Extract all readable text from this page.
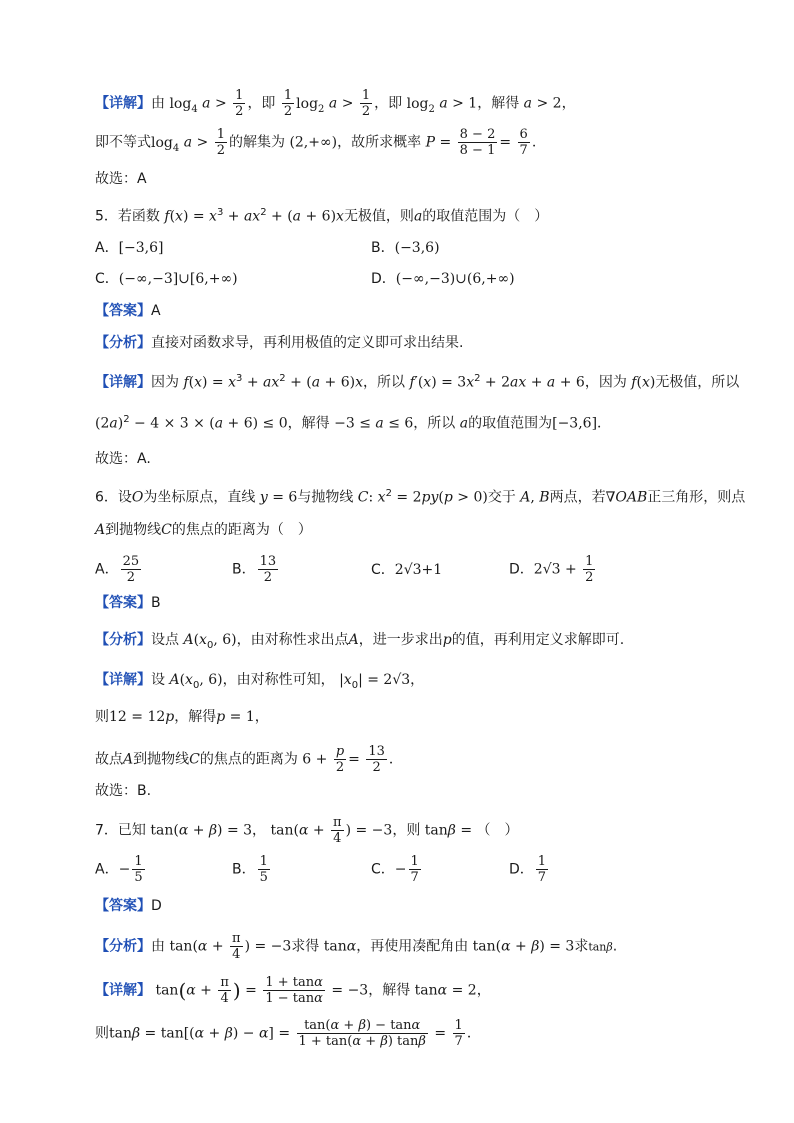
【详解】由 $\log_4 a > \frac{1}{2}$ ，即 $\frac{1}{2} \log_2 a > \frac{1}{2}$ ，即 $\log_2 a > 1$，解得 a > 2，
即不等式$\log_4 a > \frac{1}{2}$ 的解集为 (2,+∞)，故所求概率 $P = \frac{8 - 2}{8 - 1} = \frac{6}{7}$ .
故选：A
5．若函数 $f(x) = x^3 + ax^2 + (a + 6)x$无极值，则a的取值范围为（　）
A．[−3,6]	B．(−3,6)
C．(−∞,−3]∪[6,+∞)	D．(−∞,−3)∪(6,+∞)
【答案】A
【分析】直接对函数求导，再利用极值的定义即可求出结果.
【详解】因为 $f(x) = x^3 + ax^2 + (a + 6)x$，所以 $f'(x) = 3x^2 + 2ax + a + 6$，因为 f(x)无极值，所以
$(2a)^2 - 4 \times 3 \times (a + 6) \le 0$，解得 −3 ≤ a ≤ 6，所以 a的取值范围为[−3,6]．
故选：A.
6．设O为坐标原点，直线 y = 6与抛物线 C: $x^2 = 2py(p > 0)$交于 A, B两点，若∇OAB正三角形，则点
A到抛物线C的焦点的距离为（　）
A． $\frac{25}{2}$	B． $\frac{13}{2}$	C．2√3+1	D．$2√3 + \frac{1}{2}$
【答案】B
【分析】设点 $A(x_0$, 6)，由对称性求出点A，进一步求出p的值，再利用定义求解即可.
【详解】设 $A(x_0$, 6)，由对称性可知， $|x_0| = 2√3$，
则12 = 12p，解得p = 1，
故点A到抛物线C的焦点的距离为 $6 + \frac{p}{2} = \frac{13}{2}$ ．
故选：B.
7．已知 tan(α + β) = 3， $\tan(\alpha + \frac{\pi}{4}$ ) = −3，则 tanβ = （　）
A．− $\frac{1}{5}$	B． $\frac{1}{5}$	C．− $\frac{1}{7}$	D． $\frac{1}{7}$
【答案】D
【分析】由 $\tan(\alpha + \frac{\pi}{4}$ ) = −3求得 tanα，再使用凑配角由 tan(α + β) = 3求tanβ.
【详解】 $\tan(\alpha + \frac{\pi}{4}$ ) = $\frac{1 + \tan\alpha}{1 - \tan\alpha} = -3$，解得 tanα = 2，
则$\tan\beta = \tan[(\alpha + \beta) - \alpha] = \frac{\tan(\alpha + \beta) - \tan\alpha}{1 + \tan(\alpha + \beta) \tan\beta} = \frac{1}{7}$ ．
